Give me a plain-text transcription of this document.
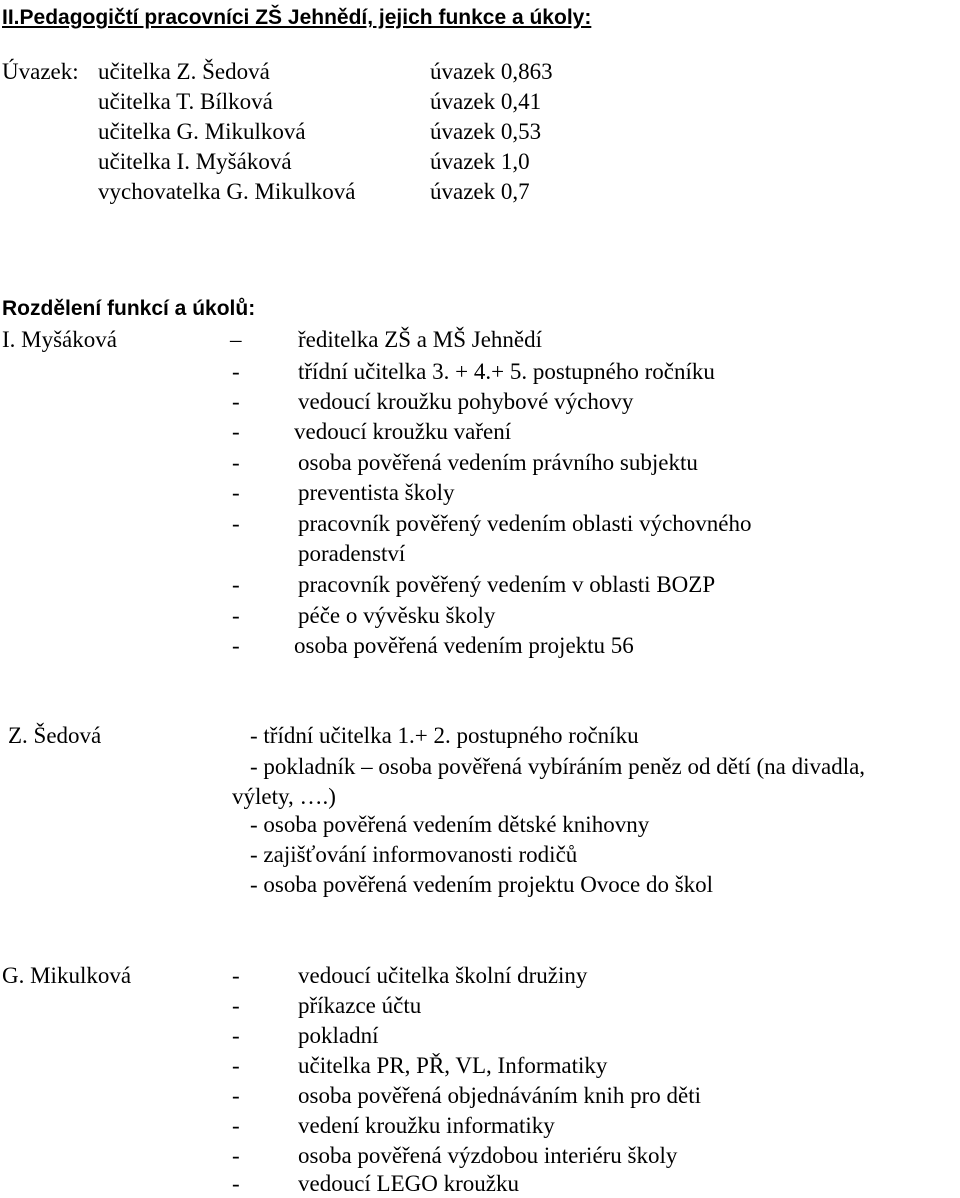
II.Pedagogičtí pracovníci ZŠ Jehnědí, jejich funkce a úkoly:
Úvazek: učitelka Z. Šedová	úvazek 0,863
učitelka T. Bílková	úvazek 0,41
učitelka G. Mikulková	úvazek 0,53
učitelka I. Myšáková	úvazek 1,0
vychovatelka G. Mikulková	úvazek 0,7
Rozdělení funkcí a úkolů:
I. Myšáková	– ředitelka ZŠ a MŠ Jehnědí
-	třídní učitelka 3. + 4.+ 5. postupného ročníku
-	vedoucí kroužku pohybové výchovy
- vedoucí kroužku vaření
-	osoba pověřená vedením právního subjektu
-	preventista školy
-	pracovník pověřený vedením oblasti výchovného
poradenství
-	pracovník pověřený vedením v oblasti BOZP
-	péče o vývěsku školy
- osoba pověřená vedením projektu 56
Z. Šedová	- třídní učitelka 1.+ 2. postupného ročníku
- pokladník – osoba pověřená vybíráním peněz od dětí (na divadla,
výlety, ….)
- osoba pověřená vedením dětské knihovny
- zajišťování informovanosti rodičů
- osoba pověřená vedením projektu Ovoce do škol
G. Mikulková	-	vedoucí učitelka školní družiny
-	příkazce účtu
-	pokladní
-	učitelka PR, PŘ, VL, Informatiky
-	osoba pověřená objednáváním knih pro děti
-	vedení kroužku informatiky
-	osoba pověřená výzdobou interiéru školy
-	vedoucí LEGO kroužku
